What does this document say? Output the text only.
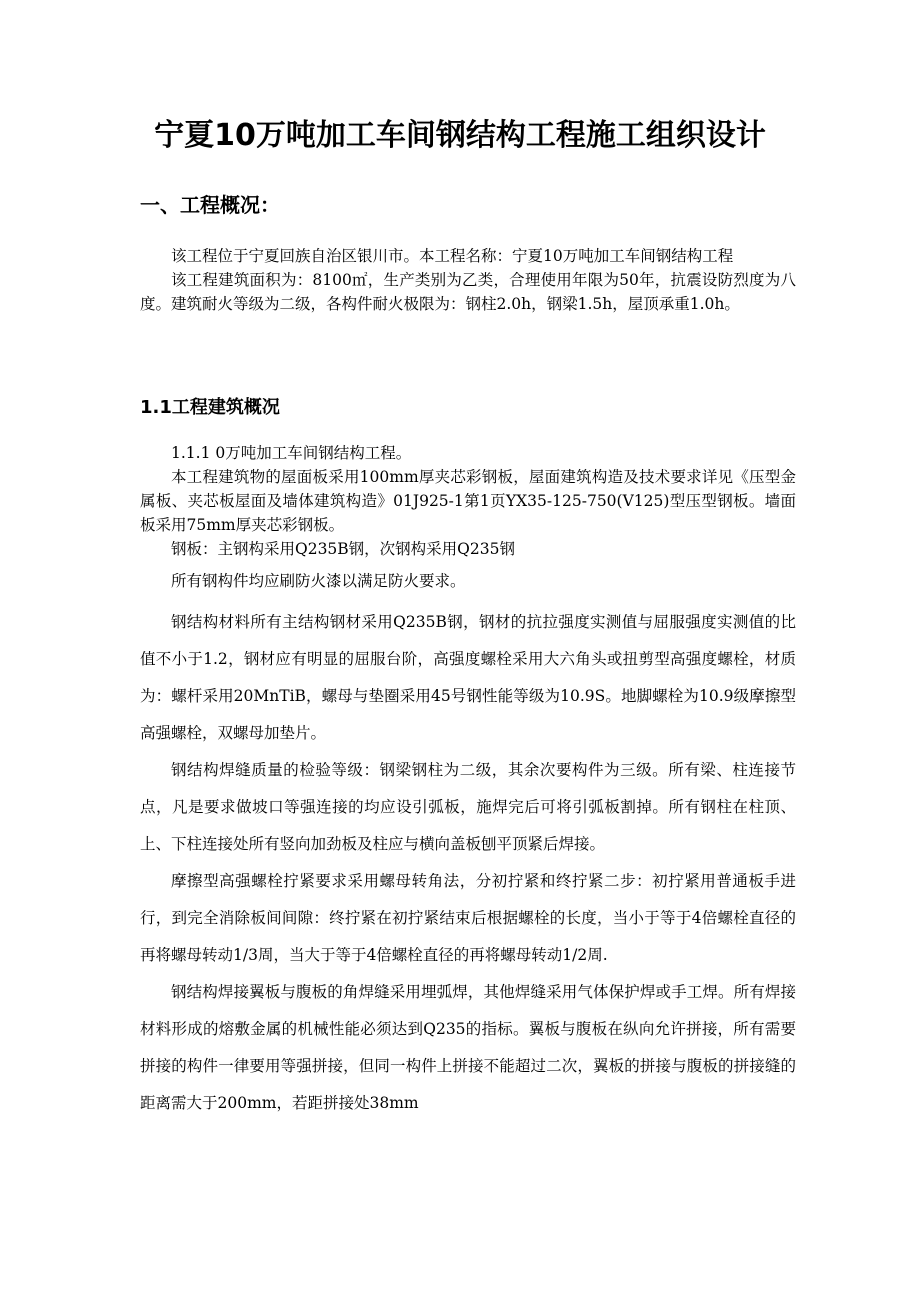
宁夏10万吨加工车间钢结构工程施工组织设计
一、工程概况：

该工程位于宁夏回族自治区银川市。本工程名称：宁夏10万吨加工车间钢结构工程

该工程建筑面积为：8100㎡，生产类别为乙类，合理使用年限为50年，抗震设防烈度为八度。建筑耐火等级为二级，各构件耐火极限为：钢柱2.0h，钢梁1.5h，屋顶承重1.0h。

1.1工程建筑概况

1.1.1 0万吨加工车间钢结构工程。

本工程建筑物的屋面板采用100mm厚夹芯彩钢板，屋面建筑构造及技术要求详见《压型金属板、夹芯板屋面及墙体建筑构造》01J925-1第1页YX35-125-750(V125)型压型钢板。墙面板采用75mm厚夹芯彩钢板。

钢板：主钢构采用Q235B钢，次钢构采用Q235钢

所有钢构件均应刷防火漆以满足防火要求。

钢结构材料所有主结构钢材采用Q235B钢，钢材的抗拉强度实测值与屈服强度实测值的比值不小于1.2，钢材应有明显的屈服台阶，高强度螺栓采用大六角头或扭剪型高强度螺栓，材质为：螺杆采用20MnTiB，螺母与垫圈采用45号钢性能等级为10.9S。地脚螺栓为10.9级摩擦型高强螺栓，双螺母加垫片。

钢结构焊缝质量的检验等级：钢梁钢柱为二级，其余次要构件为三级。所有梁、柱连接节点，凡是要求做坡口等强连接的均应设引弧板，施焊完后可将引弧板割掉。所有钢柱在柱顶、上、下柱连接处所有竖向加劲板及柱应与横向盖板刨平顶紧后焊接。

摩擦型高强螺栓拧紧要求采用螺母转角法，分初拧紧和终拧紧二步：初拧紧用普通板手进行，到完全消除板间间隙：终拧紧在初拧紧结束后根据螺栓的长度，当小于等于4倍螺栓直径的再将螺母转动1/3周，当大于等于4倍螺栓直径的再将螺母转动1/2周.

钢结构焊接翼板与腹板的角焊缝采用埋弧焊，其他焊缝采用气体保护焊或手工焊。所有焊接材料形成的熔敷金属的机械性能必须达到Q235的指标。翼板与腹板在纵向允许拼接，所有需要拼接的构件一律要用等强拼接，但同一构件上拼接不能超过二次，翼板的拼接与腹板的拼接缝的距离需大于200mm，若距拼接处38mm
